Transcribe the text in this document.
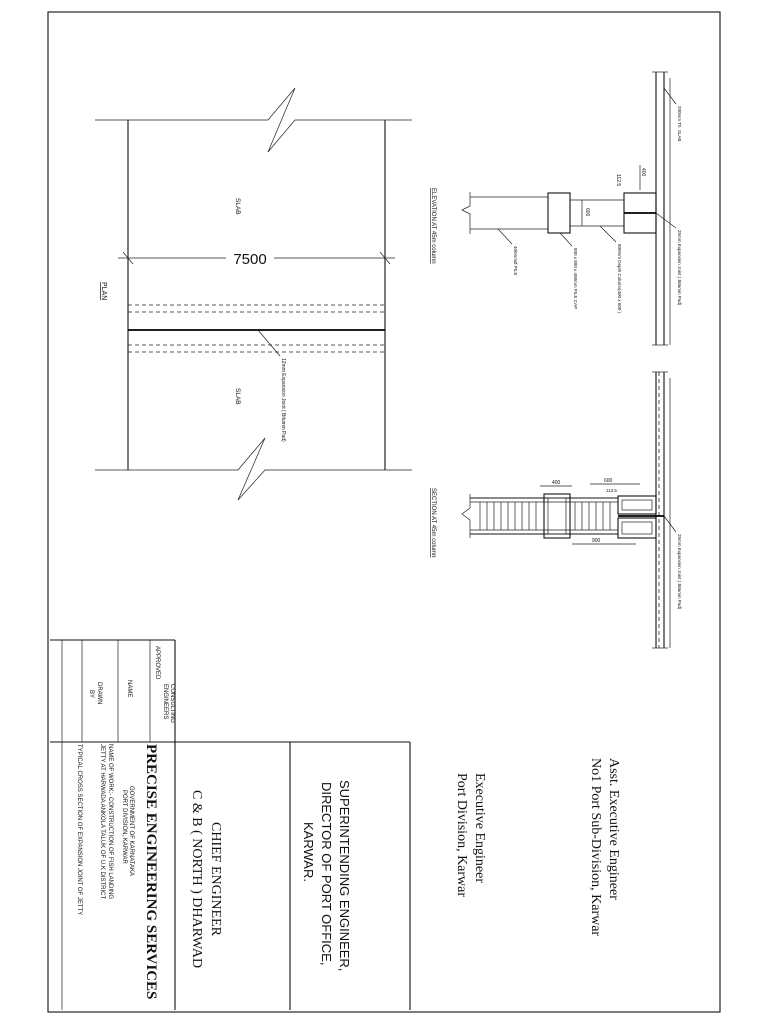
7500
12mm Expansion Joint ( Bitumin Pad)
SLAB
SLAB
PLAN
400
112.5
600
200mm Th. SLAB
25mm Expansion Joint ( Bitumin Pad)
800mm Depth Column(400 x 600 )
800 x 800 x 400mm PILE CAP
400mmØ PILE
ELEVATION AT 45m column
400	600
112.5
900	25mm Expansion Joint ( Bitumin Pad)
SECTION AT 45m column
CONSULTING
ENGINEERS
APPROVED
NAME
DRAWN
BY
PRECISE ENGINEERING SERVICES
GOVERNMENT OF KARNATAKA
PORT DIVISION, KARWAR
NAME OF WORK:- CONSTRUCTION OF FISH LANDING
JETTY AT HARWADA ANKOLA TALUK OF U.K DISTRICT
TYPICAL CROSS SECTION OF EXPANSION JOINT OF JETTY	CHIEF ENGINEER
C & B ( NORTH ) DHARWAD	SUPERINTENDING ENGINEER,
DIRECTOR OF PORT OFFICE,
KARWAR.	Executive Engineer
Port Division, Karwar	Asst. Executive Engineer
No1 Port Sub-Division, Karwar
